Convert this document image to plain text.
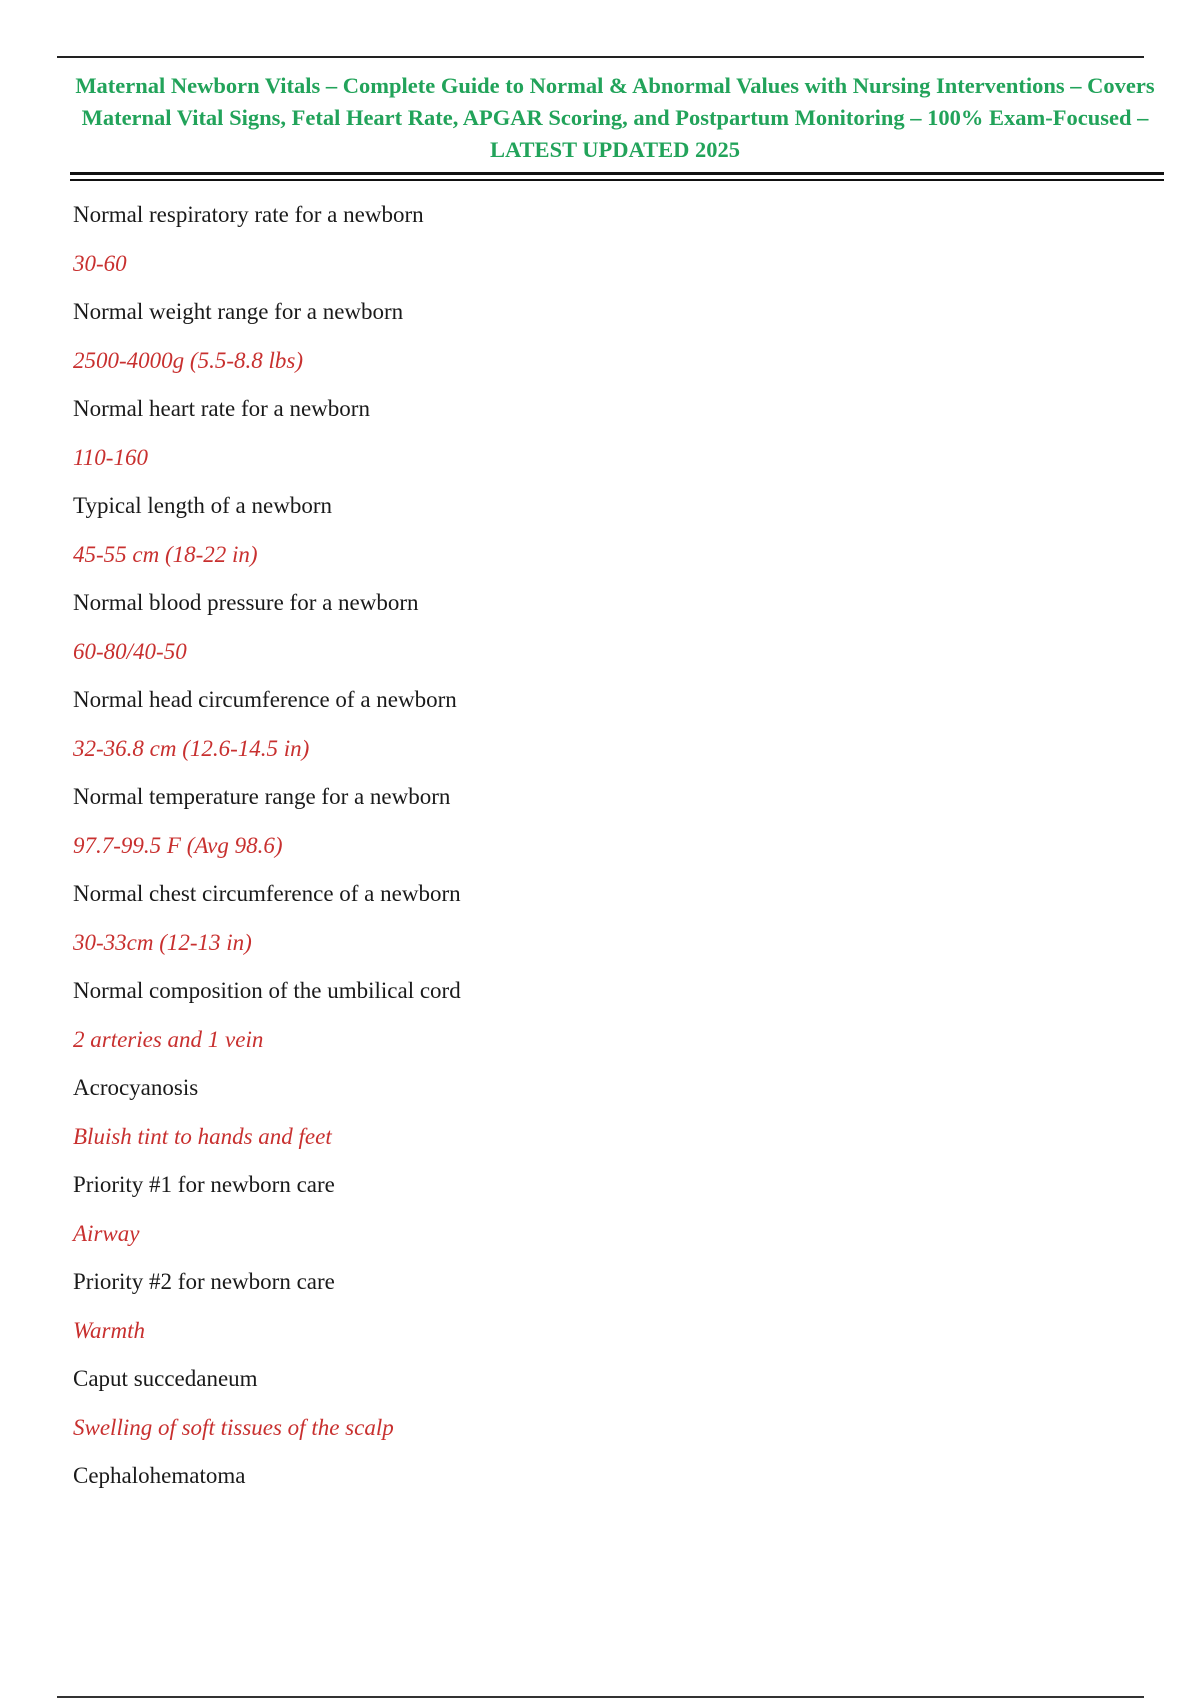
Maternal Newborn Vitals – Complete Guide to Normal & Abnormal Values with Nursing Interventions – Covers Maternal Vital Signs, Fetal Heart Rate, APGAR Scoring, and Postpartum Monitoring – 100% Exam-Focused – LATEST UPDATED 2025

Normal respiratory rate for a newborn
30-60
Normal weight range for a newborn
2500-4000g (5.5-8.8 lbs)
Normal heart rate for a newborn
110-160
Typical length of a newborn
45-55 cm (18-22 in)
Normal blood pressure for a newborn
60-80/40-50
Normal head circumference of a newborn
32-36.8 cm (12.6-14.5 in)
Normal temperature range for a newborn
97.7-99.5 F (Avg 98.6)
Normal chest circumference of a newborn
30-33cm (12-13 in)
Normal composition of the umbilical cord
2 arteries and 1 vein
Acrocyanosis
Bluish tint to hands and feet
Priority #1 for newborn care
Airway
Priority #2 for newborn care
Warmth
Caput succedaneum
Swelling of soft tissues of the scalp
Cephalohematoma
